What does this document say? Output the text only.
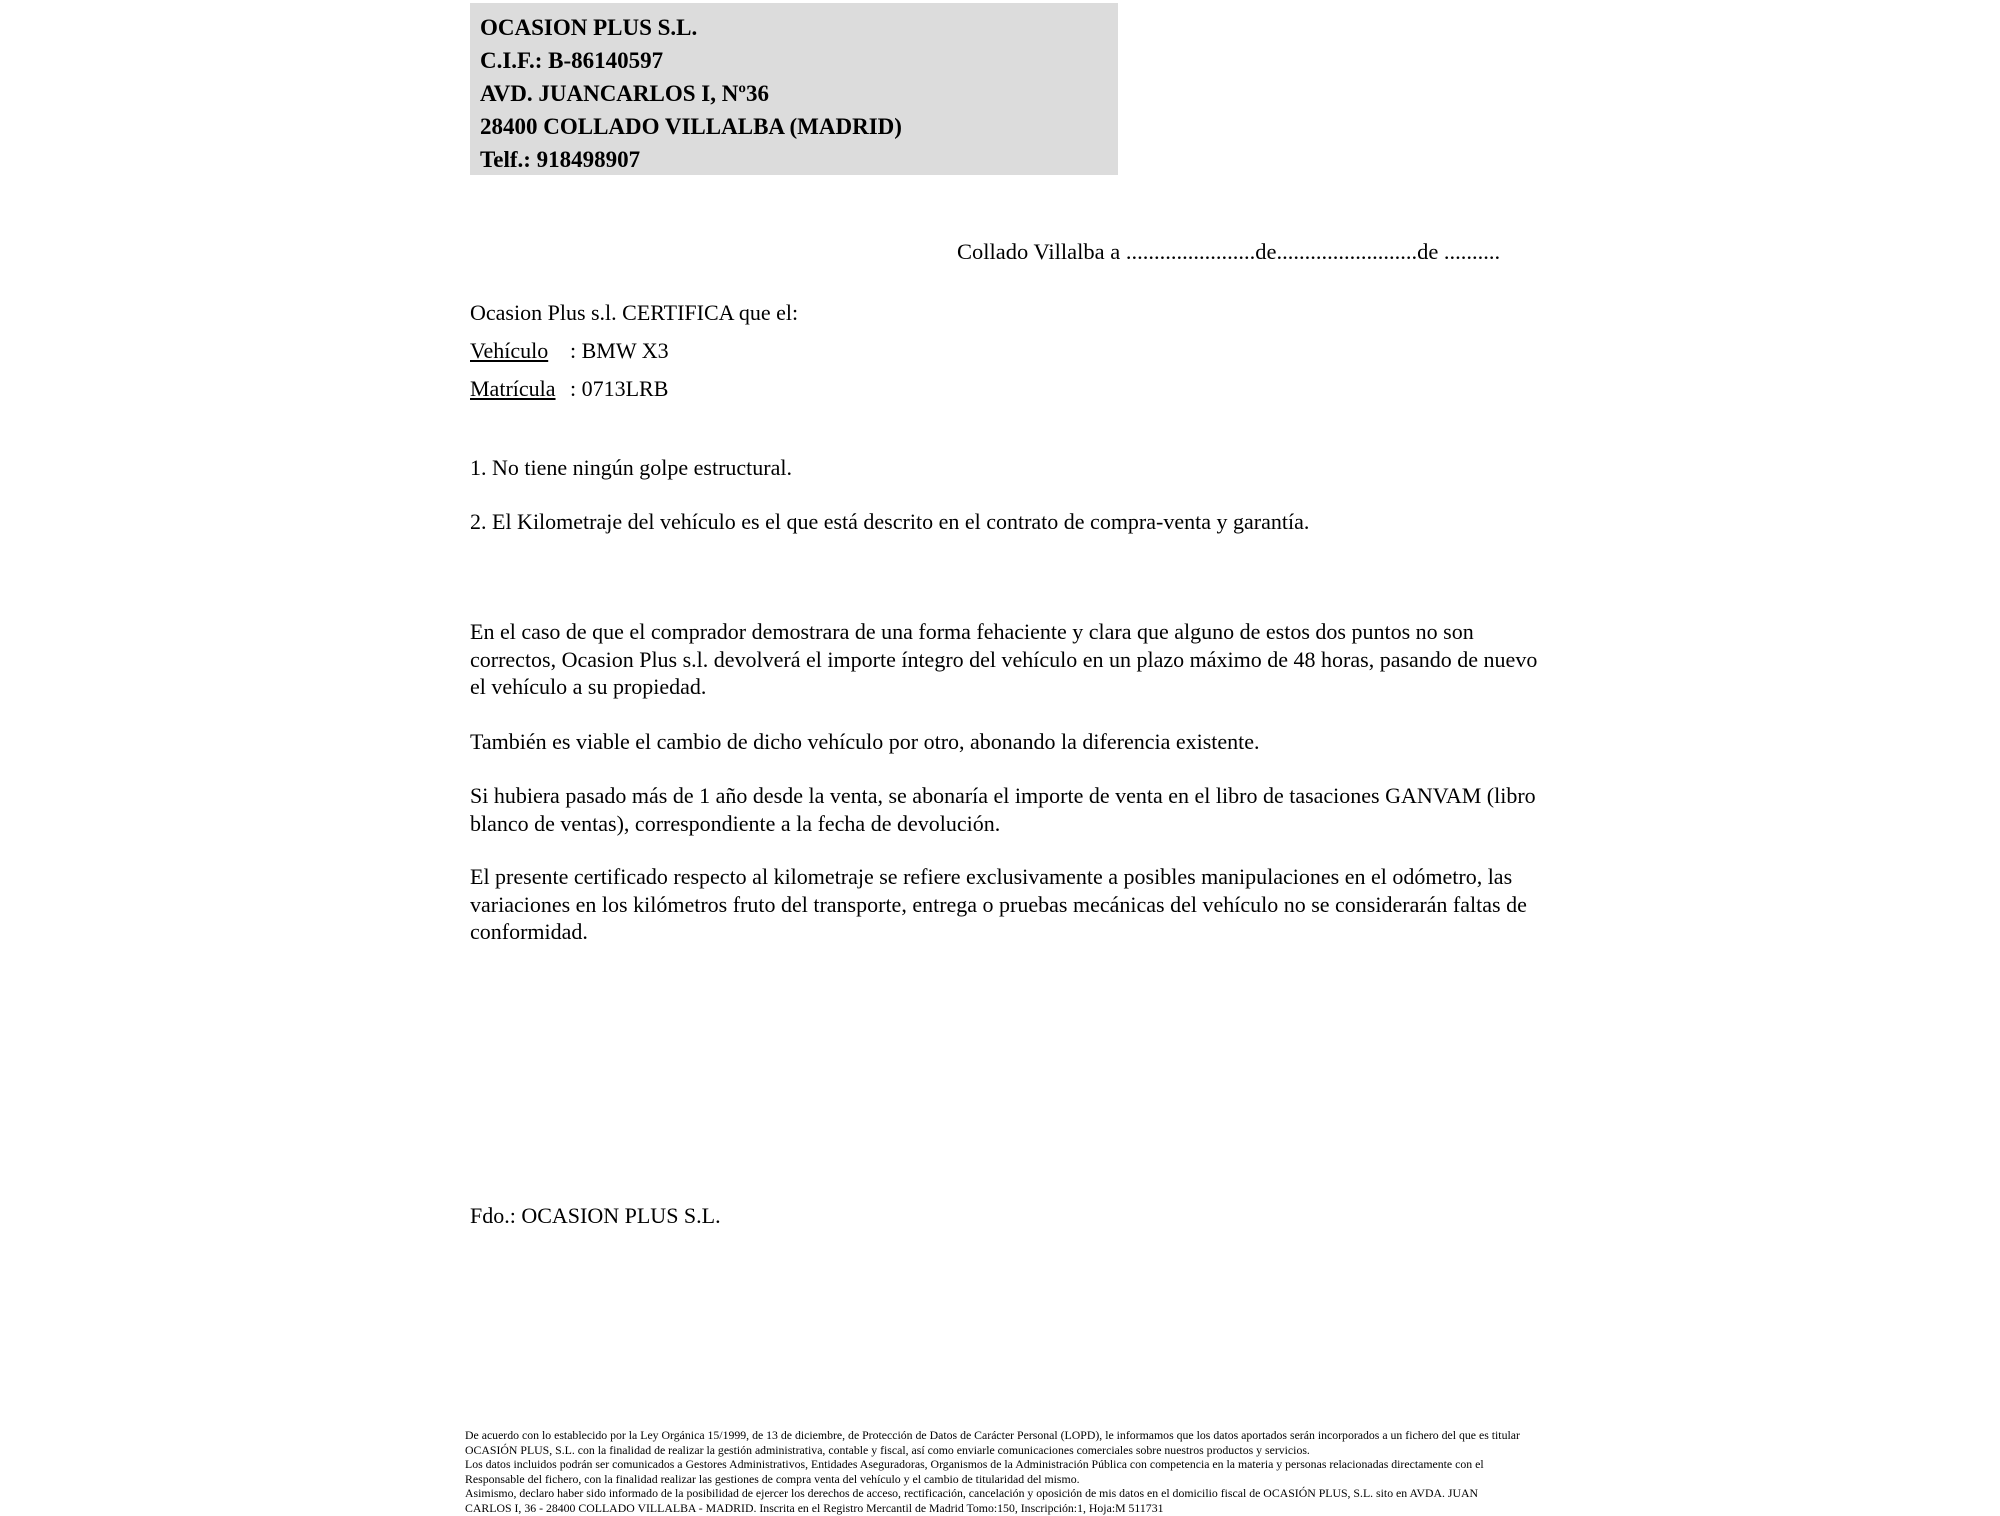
OCASION PLUS S.L.
C.I.F.: B-86140597
AVD. JUANCARLOS I, Nº36
28400 COLLADO VILLALBA (MADRID)
Telf.: 918498907
Collado Villalba a .......................de.........................de ..........
Ocasion Plus s.l. CERTIFICA que el:
Vehículo : BMW X3
Matrícula : 0713LRB
1. No tiene ningún golpe estructural.
2. El Kilometraje del vehículo es el que está descrito en el contrato de compra-venta y garantía.
En el caso de que el comprador demostrara de una forma fehaciente y clara que alguno de estos dos puntos no son correctos, Ocasion Plus s.l. devolverá el importe íntegro del vehículo en un plazo máximo de 48 horas, pasando de nuevo el vehículo a su propiedad.
También es viable el cambio de dicho vehículo por otro, abonando la diferencia existente.
Si hubiera pasado más de 1 año desde la venta, se abonaría el importe de venta en el libro de tasaciones GANVAM (libro blanco de ventas), correspondiente a la fecha de devolución.
El presente certificado respecto al kilometraje se refiere exclusivamente a posibles manipulaciones en el odómetro, las variaciones en los kilómetros fruto del transporte, entrega o pruebas mecánicas del vehículo no se considerarán faltas de conformidad.
Fdo.: OCASION PLUS S.L.
De acuerdo con lo establecido por la Ley Orgánica 15/1999, de 13 de diciembre, de Protección de Datos de Carácter Personal (LOPD), le informamos que los datos aportados serán incorporados a un fichero del que es titular
OCASIÓN PLUS, S.L. con la finalidad de realizar la gestión administrativa, contable y fiscal, así como enviarle comunicaciones comerciales sobre nuestros productos y servicios.
Los datos incluidos podrán ser comunicados a Gestores Administrativos, Entidades Aseguradoras, Organismos de la Administración Pública con competencia en la materia y personas relacionadas directamente con el
Responsable del fichero, con la finalidad realizar las gestiones de compra venta del vehículo y el cambio de titularidad del mismo.
Asimismo, declaro haber sido informado de la posibilidad de ejercer los derechos de acceso, rectificación, cancelación y oposición de mis datos en el domicilio fiscal de OCASIÓN PLUS, S.L. sito en AVDA. JUAN
CARLOS I, 36 - 28400 COLLADO VILLALBA - MADRID. Inscrita en el Registro Mercantil de Madrid Tomo:150, Inscripción:1, Hoja:M 511731
